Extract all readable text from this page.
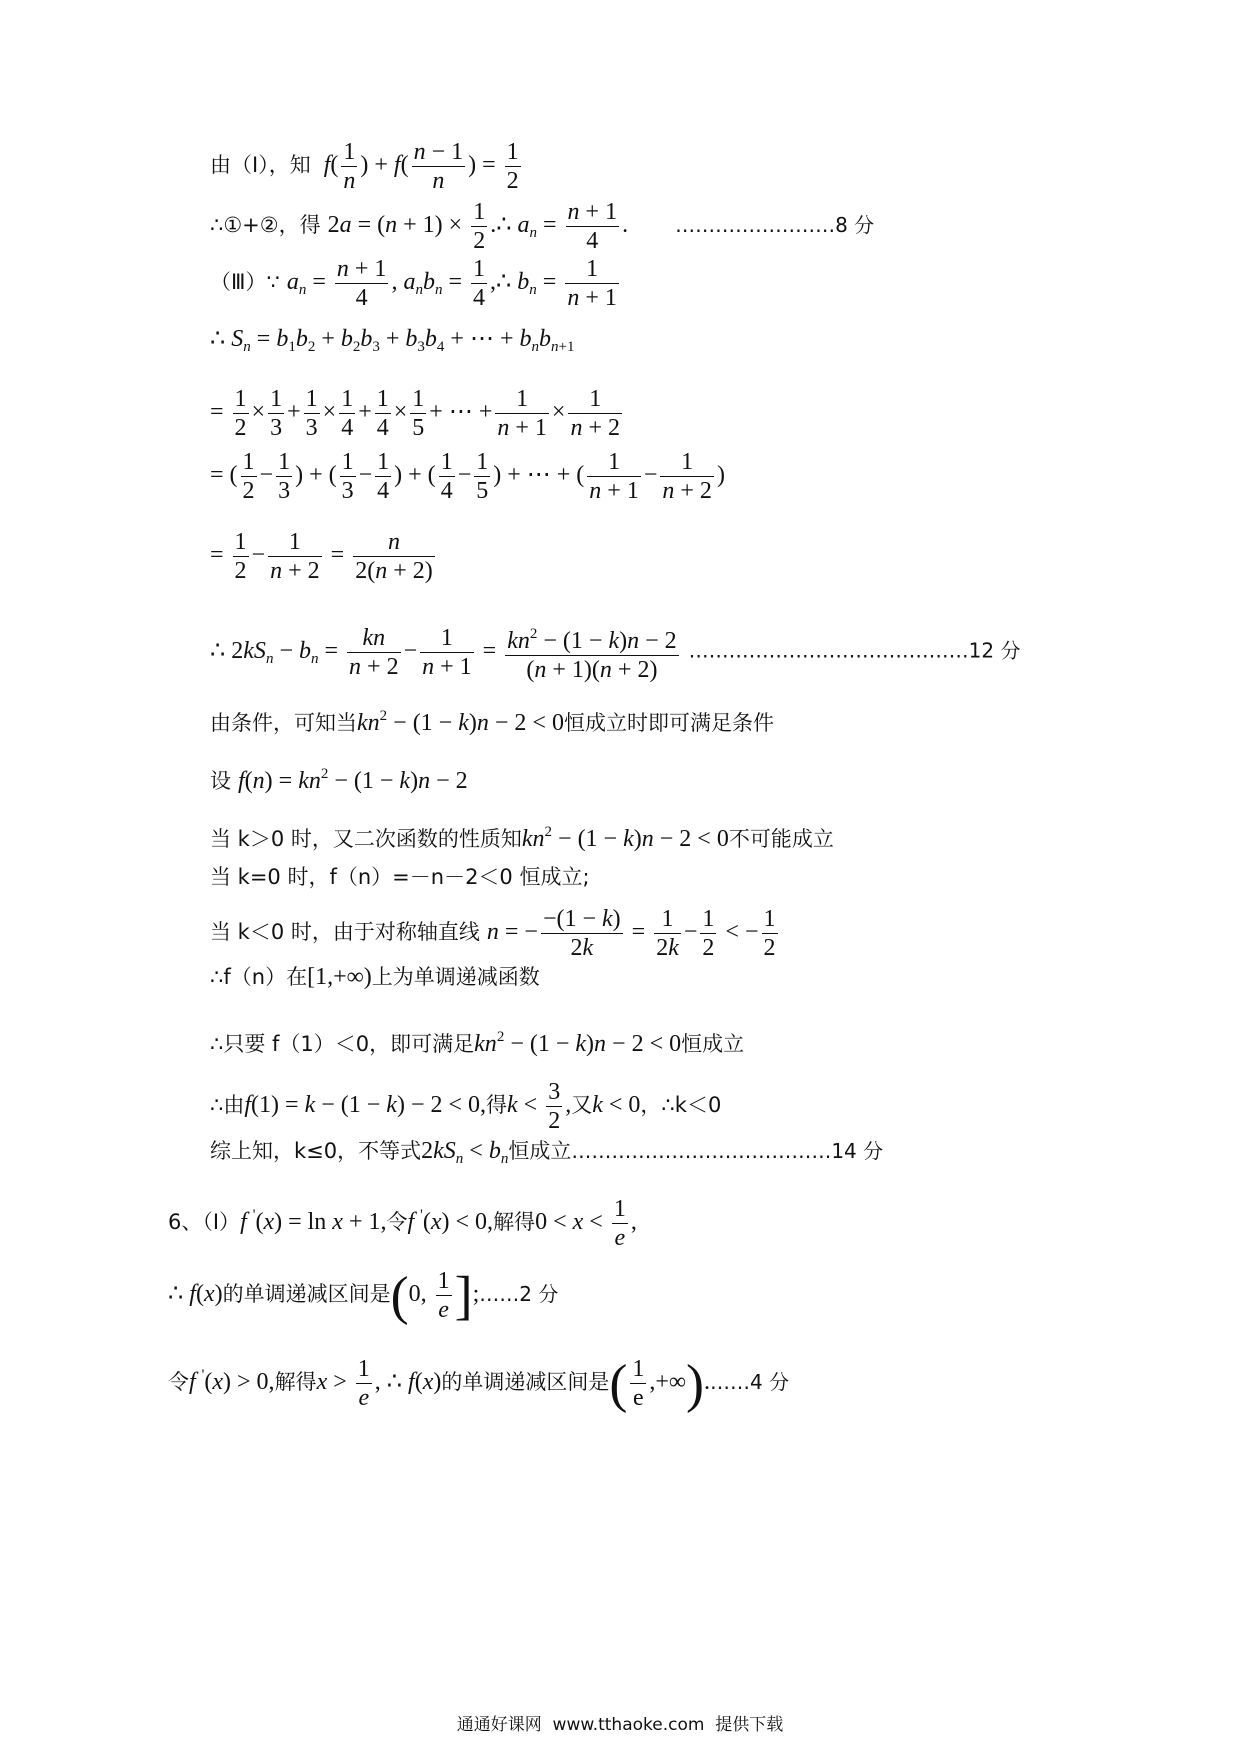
由（Ⅰ），知 $f( \frac{1}{n}$ ) + $f( \frac{n - 1}{n}$ ) = $\frac{1}{2}$
∴①+②，得 $2a = (n + 1) \times \frac{1}{2}$ .∴ $a_n = \frac{n + 1}{4}$ . ……………………8 分
（Ⅲ）∵ $a_n = \frac{n + 1}{4}$ , $a_nb_n = \frac{1}{4}$ ,∴ $b_n = \frac{1}{n + 1}$
∴ $S_n = b_1b_2 + b_2b_3 + b_3b_4$ + ⋯ + $b_nb_{n+1}$
= $\frac{1}{2} \times \frac{1}{3} + \frac{1}{3} \times \frac{1}{4} + \frac{1}{4} \times \frac{1}{5}$ + ⋯ + $\frac{1}{n + 1} \times \frac{1}{n + 2}$
= ( $\frac{1}{2} - \frac{1}{3}$ ) + ( $\frac{1}{3} - \frac{1}{4}$ ) + ( $\frac{1}{4} - \frac{1}{5}$ ) + ⋯ + ( $\frac{1}{n + 1} - \frac{1}{n + 2}$ )
= $\frac{1}{2} - \frac{1}{n + 2} = \frac{n}{2(n + 2)}$
∴ $2kS_n - b_n = \frac{kn}{n + 2} - \frac{1}{n + 1} = \frac{kn^2 - (1 - k)n - 2}{(n + 1)(n + 2)}$ ……………………………………12 分
由条件，可知当$kn^2 - (1 - k)n - 2 < 0$恒成立时即可满足条件
设 $f(n) = kn^2 - (1 - k)n - 2$
当 k＞0 时，又二次函数的性质知$kn^2 - (1 - k)n - 2 < 0$不可能成立
当 k=0 时，f（n）=－n－2＜0 恒成立;
当 k＜0 时，由于对称轴直线 n = − $\frac{-(1 - k)}{2k} = \frac{1}{2k} - \frac{1}{2}$ < − $\frac{1}{2}$
∴f（n）在[1,+∞)上为单调递减函数
∴只要 f（1）＜0，即可满足$kn^2 - (1 - k)n - 2 < 0$恒成立
∴由f(1) = k − (1 − k) − 2 < 0,得$k < \frac{3}{2}$ ,又k < 0，∴k＜0
综上知，k≤0，不等式$2kS_n < b_n$恒成立…………………………………14 分
6、（Ⅰ）f '(x) = ln x + 1,令f '(x) < 0,解得$0 < x < \frac{1}{e}$ ,
∴ f(x)的单调递减区间是(0, $\frac{1}{e}$ ];……2 分
令f '(x) > 0,解得$x > \frac{1}{e}$ , ∴ f(x)的单调递减区间是( $\frac{1}{e}$ ,+∞).……4 分
通通好课网 www.tthaoke.com 提供下载
